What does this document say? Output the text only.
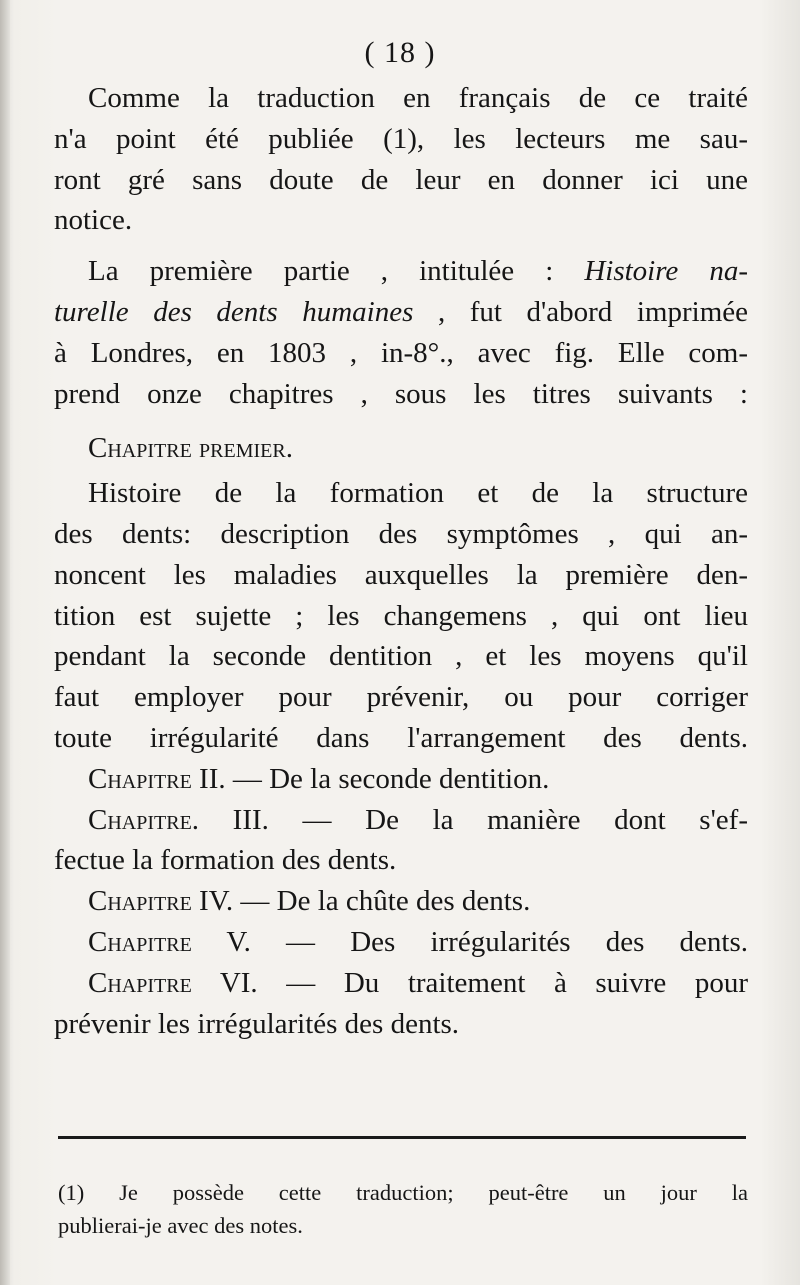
( 18 )
Comme la traduction en français de ce traité
n'a point été publiée (1), les lecteurs me sau-
ront gré sans doute de leur en donner ici une
notice.
La première partie , intitulée : Histoire na-
turelle des dents humaines , fut d'abord imprimée
à Londres, en 1803 , in-8°., avec fig. Elle com-
prend onze chapitres , sous les titres suivants :
Chapitre premier.
Histoire de la formation et de la structure
des dents: description des symptômes , qui an-
noncent les maladies auxquelles la première den-
tition est sujette ; les changemens , qui ont lieu
pendant la seconde dentition , et les moyens qu'il
faut employer pour prévenir, ou pour corriger
toute irrégularité dans l'arrangement des dents.
Chapitre II. — De la seconde dentition.
Chapitre. III. — De la manière dont s'ef-
fectue la formation des dents.
Chapitre IV. — De la chûte des dents.
Chapitre V. — Des irrégularités des dents.
Chapitre VI. — Du traitement à suivre pour
prévenir les irrégularités des dents.
(1) Je possède cette traduction; peut-être un jour la
publierai-je avec des notes.
